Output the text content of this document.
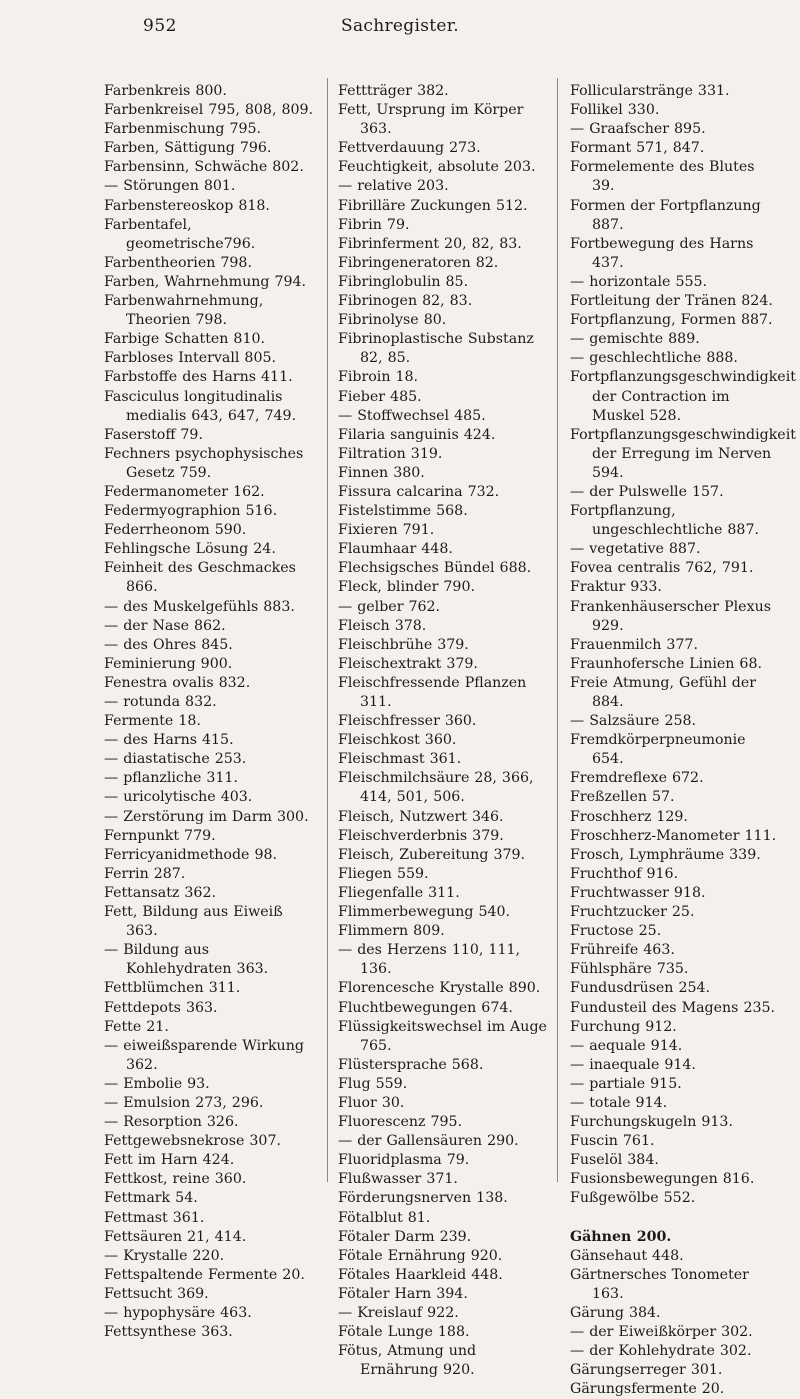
952	Sachregister.
Farbenkreis 800.
Farbenkreisel 795, 808, 809.
Farbenmischung 795.
Farben, Sättigung 796.
Farbensinn, Schwäche 802.
— Störungen 801.
Farbenstereoskop 818.
Farbentafel, geometrische796.
Farbentheorien 798.
Farben, Wahrnehmung 794.
Farbenwahrnehmung, Theorien 798.
Farbige Schatten 810.
Farbloses Intervall 805.
Farbstoffe des Harns 411.
Fasciculus longitudinalis medialis 643, 647, 749.
Faserstoff 79.
Fechners psychophysisches Gesetz 759.
Federmanometer 162.
Federmyographion 516.
Federrheonom 590.
Fehlingsche Lösung 24.
Feinheit des Geschmackes 866.
— des Muskelgefühls 883.
— der Nase 862.
— des Ohres 845.
Feminierung 900.
Fenestra ovalis 832.
— rotunda 832.
Fermente 18.
— des Harns 415.
— diastatische 253.
— pflanzliche 311.
— uricolytische 403.
— Zerstörung im Darm 300.
Fernpunkt 779.
Ferricyanidmethode 98.
Ferrin 287.
Fettansatz 362.
Fett, Bildung aus Eiweiß 363.
— Bildung aus Kohlehydraten 363.
Fettblümchen 311.
Fettdepots 363.
Fette 21.
— eiweißsparende Wirkung 362.
— Embolie 93.
— Emulsion 273, 296.
— Resorption 326.
Fettgewebsnekrose 307.
Fett im Harn 424.
Fettkost, reine 360.
Fettmark 54.
Fettmast 361.
Fettsäuren 21, 414.
— Krystalle 220.
Fettspaltende Fermente 20.
Fettsucht 369.
— hypophysäre 463.
Fettsynthese 363.
Fettträger 382.
Fett, Ursprung im Körper 363.
Fettverdauung 273.
Feuchtigkeit, absolute 203.
— relative 203.
Fibrilläre Zuckungen 512.
Fibrin 79.
Fibrinferment 20, 82, 83.
Fibringeneratoren 82.
Fibringlobulin 85.
Fibrinogen 82, 83.
Fibrinolyse 80.
Fibrinoplastische Substanz 82, 85.
Fibroin 18.
Fieber 485.
— Stoffwechsel 485.
Filaria sanguinis 424.
Filtration 319.
Finnen 380.
Fissura calcarina 732.
Fistelstimme 568.
Fixieren 791.
Flaumhaar 448.
Flechsigsches Bündel 688.
Fleck, blinder 790.
— gelber 762.
Fleisch 378.
Fleischbrühe 379.
Fleischextrakt 379.
Fleischfressende Pflanzen 311.
Fleischfresser 360.
Fleischkost 360.
Fleischmast 361.
Fleischmilchsäure 28, 366, 414, 501, 506.
Fleisch, Nutzwert 346.
Fleischverderbnis 379.
Fleisch, Zubereitung 379.
Fliegen 559.
Fliegenfalle 311.
Flimmerbewegung 540.
Flimmern 809.
— des Herzens 110, 111, 136.
Florencesche Krystalle 890.
Fluchtbewegungen 674.
Flüssigkeitswechsel im Auge 765.
Flüstersprache 568.
Flug 559.
Fluor 30.
Fluorescenz 795.
— der Gallensäuren 290.
Fluoridplasma 79.
Flußwasser 371.
Förderungsnerven 138.
Fötalblut 81.
Fötaler Darm 239.
Fötale Ernährung 920.
Fötales Haarkleid 448.
Fötaler Harn 394.
— Kreislauf 922.
Fötale Lunge 188.
Fötus, Atmung und Ernährung 920.
Follicularstränge 331.
Follikel 330.
— Graafscher 895.
Formant 571, 847.
Formelemente des Blutes 39.
Formen der Fortpflanzung 887.
Fortbewegung des Harns 437.
— horizontale 555.
Fortleitung der Tränen 824.
Fortpflanzung, Formen 887.
— gemischte 889.
— geschlechtliche 888.
Fortpflanzungsgeschwindigkeit der Contraction im Muskel 528.
Fortpflanzungsgeschwindigkeit der Erregung im Nerven 594.
— der Pulswelle 157.
Fortpflanzung, ungeschlechtliche 887.
— vegetative 887.
Fovea centralis 762, 791.
Fraktur 933.
Frankenhäuserscher Plexus 929.
Frauenmilch 377.
Fraunhofersche Linien 68.
Freie Atmung, Gefühl der 884.
— Salzsäure 258.
Fremdkörperpneumonie 654.
Fremdreflexe 672.
Freßzellen 57.
Froschherz 129.
Froschherz-Manometer 111.
Frosch, Lymphräume 339.
Fruchthof 916.
Fruchtwasser 918.
Fruchtzucker 25.
Fructose 25.
Frühreife 463.
Fühlsphäre 735.
Fundusdrüsen 254.
Fundusteil des Magens 235.
Furchung 912.
— aequale 914.
— inaequale 914.
— partiale 915.
— totale 914.
Furchungskugeln 913.
Fuscin 761.
Fuselöl 384.
Fusionsbewegungen 816.
Fußgewölbe 552.
Gähnen 200.
Gänsehaut 448.
Gärtnersches Tonometer 163.
Gärung 384.
— der Eiweißkörper 302.
— der Kohlehydrate 302.
Gärungserreger 301.
Gärungsfermente 20.
